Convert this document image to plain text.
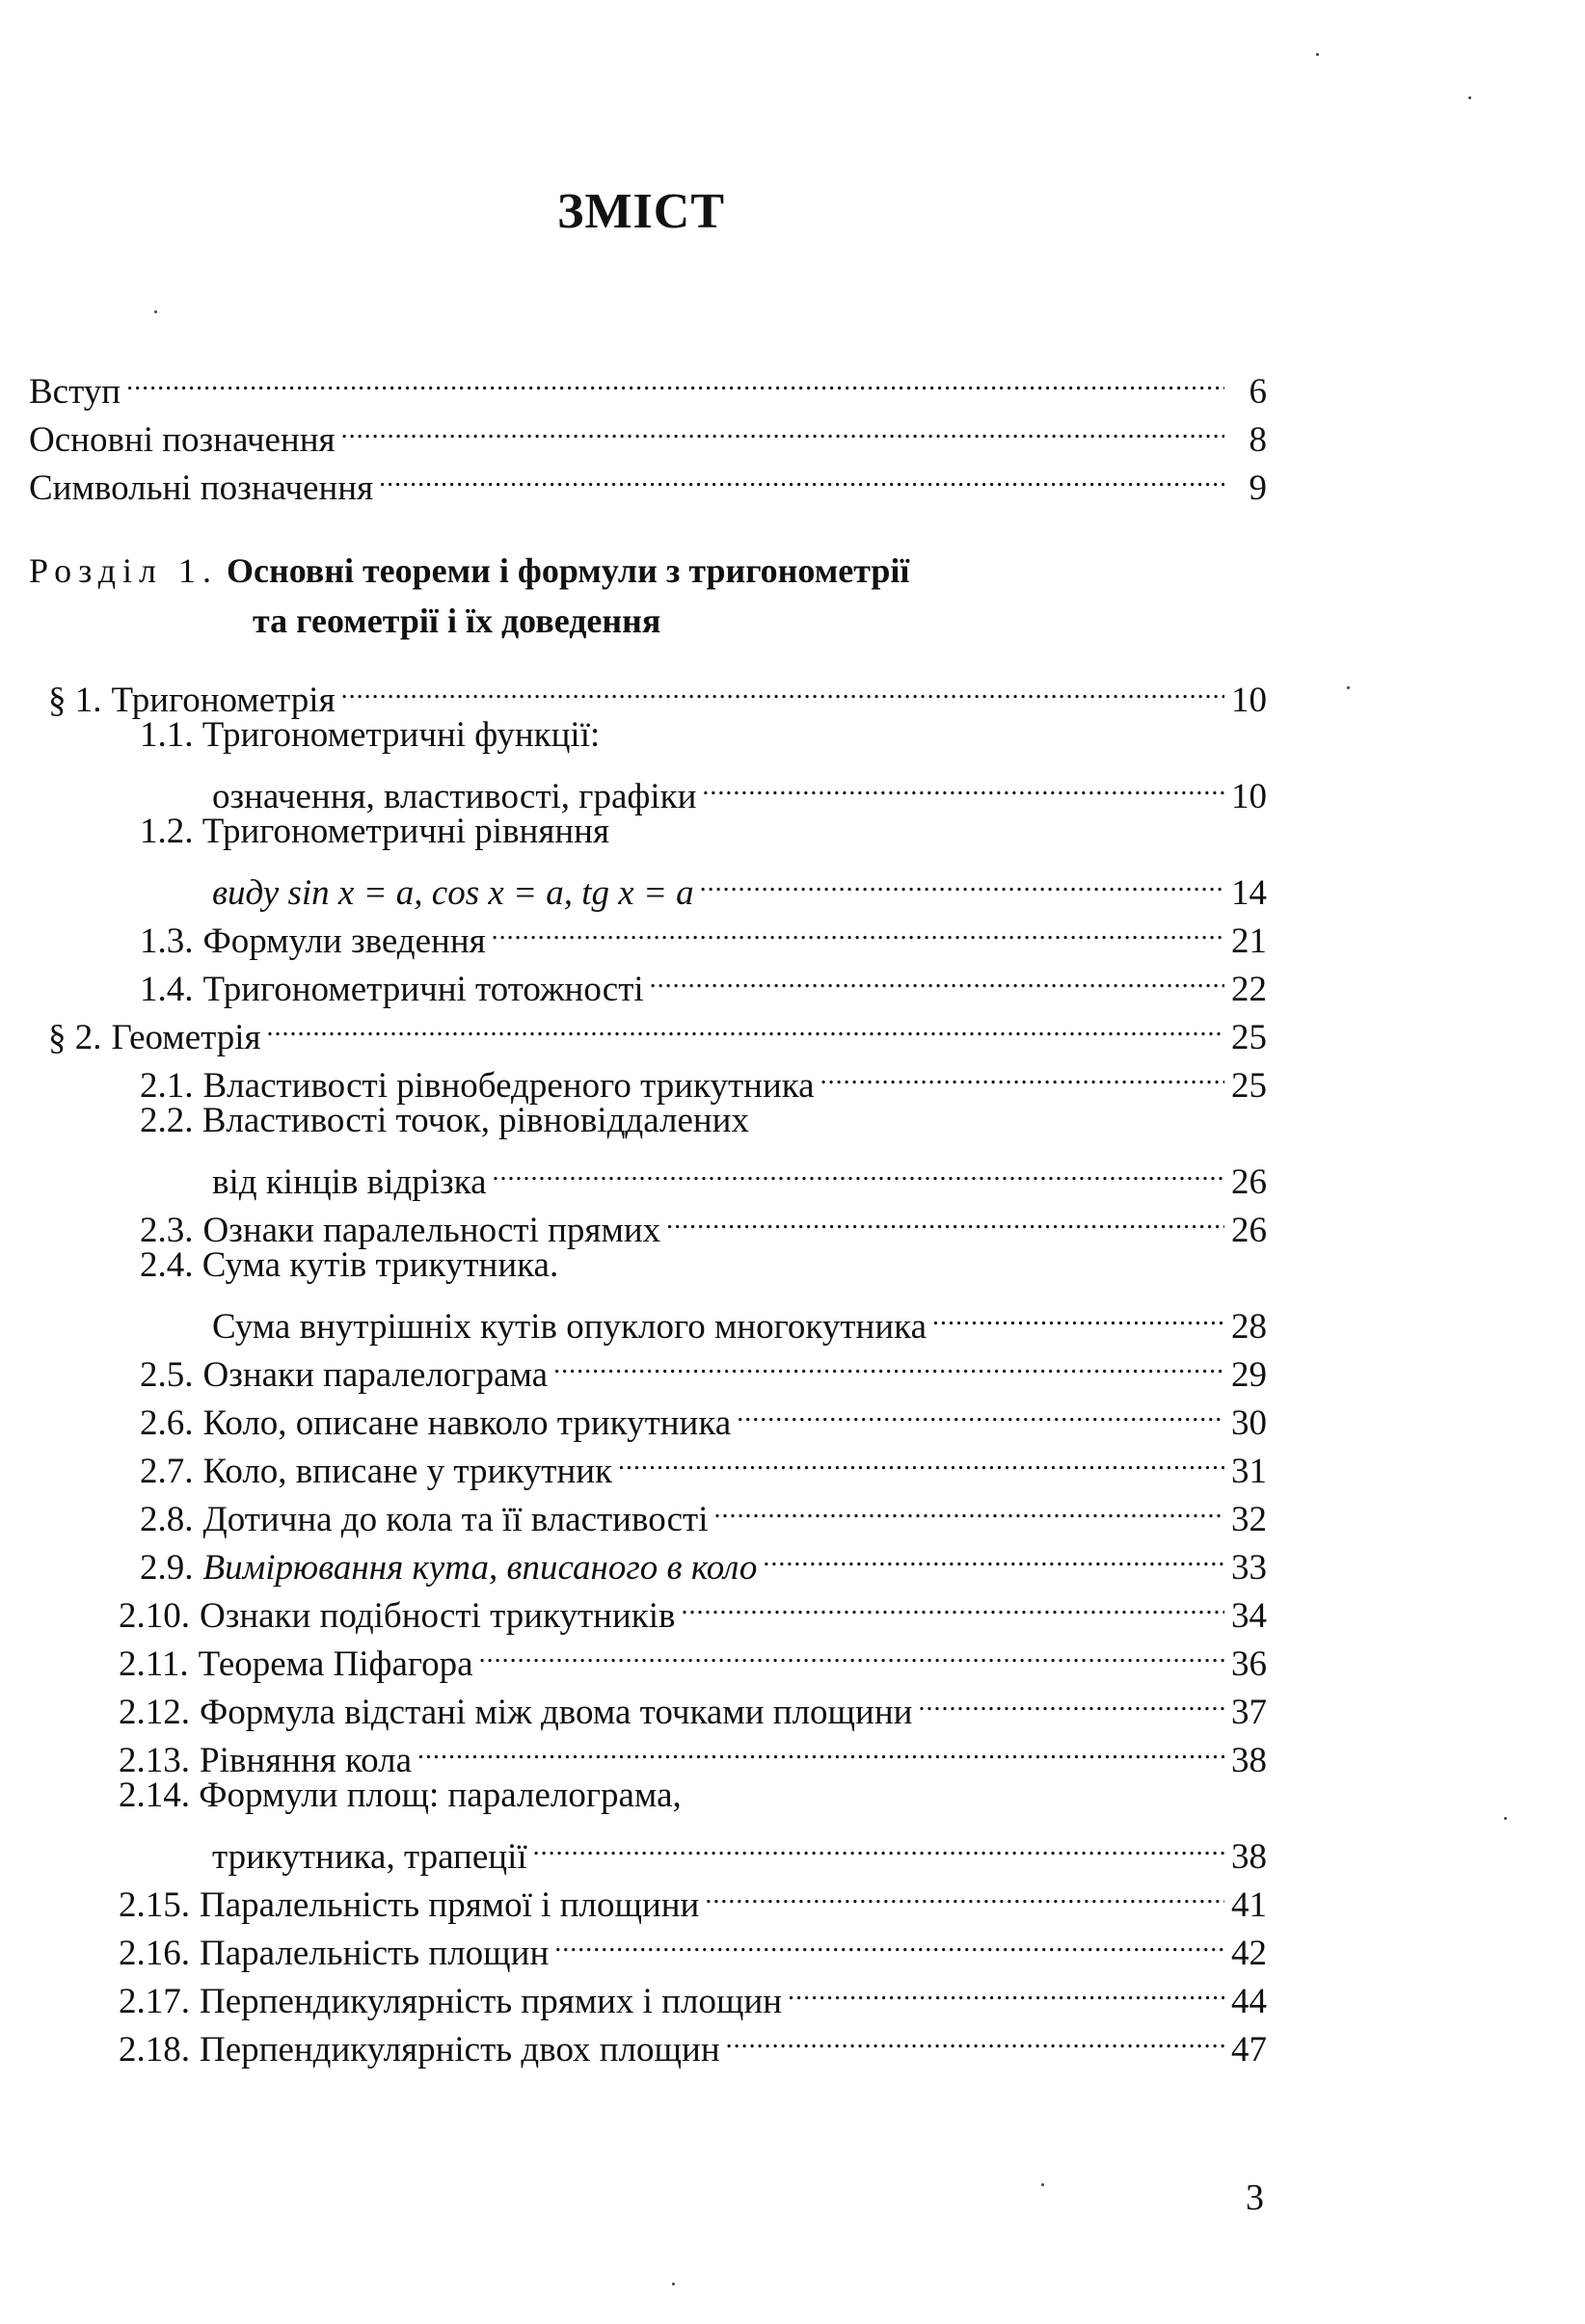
ЗМІСТ
Вступ .....	6
Основні позначення .....	8
Символьні позначення .....	9
Розділ 1. Основні теореми і формули з тригонометрії
та геометрії і їх доведення
§ 1. Тригонометрія .....	10
1.1. Тригонометричні функції:
означення, властивості, графіки .....	10
1.2. Тригонометричні рівняння
виду sin x = a, cos x = a, tg x = a .....	14
1.3. Формули зведення .....	21
1.4. Тригонометричні тотожності .....	22
§ 2. Геометрія .....	25
2.1. Властивості рівнобедреного трикутника .....	25
2.2. Властивості точок, рівновіддалених
від кінців відрізка .....	26
2.3. Ознаки паралельності прямих .....	26
2.4. Сума кутів трикутника.
Сума внутрішніх кутів опуклого многокутника .....	28
2.5. Ознаки паралелограма .....	29
2.6. Коло, описане навколо трикутника .....	30
2.7. Коло, вписане у трикутник .....	31
2.8. Дотична до кола та її властивості .....	32
2.9. Вимірювання кута, вписаного в коло .....	33
2.10. Ознаки подібності трикутників .....	34
2.11. Теорема Піфагора .....	36
2.12. Формула відстані між двома точками площини .....	37
2.13. Рівняння кола .....	38
2.14. Формули площ: паралелограма,
трикутника, трапеції .....	38
2.15. Паралельність прямої і площини .....	41
2.16. Паралельність площин .....	42
2.17. Перпендикулярність прямих і площин .....	44
2.18. Перпендикулярність двох площин .....	47
3
